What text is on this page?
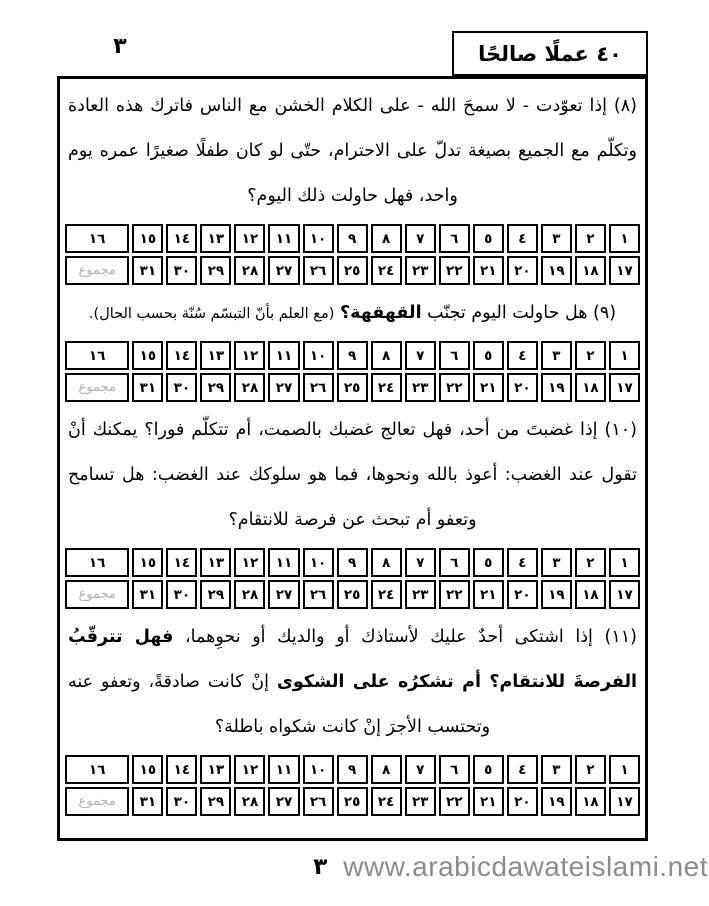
٣	٤٠ عملًا صالحًا
(٨) إذا تعوّدت - لا سمحَ الله - على الكلام الخشن مع الناس فاترك هذه العادة وتكلّم مع الجميع بصيغة تدلّ على الاحترام، حتّى لو كان طفلًا صغيرًا عمره يوم واحد، فهل حاولت ذلك اليوم؟
١	٢	٣	٤	٥	٦	٧	٨	٩	١٠	١١	١٢	١٣	١٤	١٥	١٦
١٧	١٨	١٩	٢٠	٢١	٢٢	٢٣	٢٤	٢٥	٢٦	٢٧	٢٨	٢٩	٣٠	٣١	مجموع
(٩) هل حاولت اليوم تجنّب القهقهة؟ (مع العلم بأنّ التبسّم سُنّة بحسب الحال).
١	٢	٣	٤	٥	٦	٧	٨	٩	١٠	١١	١٢	١٣	١٤	١٥	١٦
١٧	١٨	١٩	٢٠	٢١	٢٢	٢٣	٢٤	٢٥	٢٦	٢٧	٢٨	٢٩	٣٠	٣١	مجموع
(١٠) إذا غضبتَ من أحد، فهل تعالج غضبك بالصمت، أم تتكلّم فورا؟ يمكنك أنْ تقول عند الغضب: أعوذ بالله ونحوها، فما هو سلوكك عند الغضب: هل تسامح وتعفو أم تبحث عن فرصة للانتقام؟
١	٢	٣	٤	٥	٦	٧	٨	٩	١٠	١١	١٢	١٣	١٤	١٥	١٦
١٧	١٨	١٩	٢٠	٢١	٢٢	٢٣	٢٤	٢٥	٢٦	٢٧	٢٨	٢٩	٣٠	٣١	مجموع
(١١) إذا اشتكى أحدٌ عليك لأستاذك أو والديك أو نحوِهما، فهل تترقّبُ الفرصةَ للانتقام؟ أم تشكرُه على الشكوى إنْ كانت صادقةً، وتعفو عنه وتحتسب الأجرَ إنْ كانت شكواه باطلة؟
١	٢	٣	٤	٥	٦	٧	٨	٩	١٠	١١	١٢	١٣	١٤	١٥	١٦
١٧	١٨	١٩	٢٠	٢١	٢٢	٢٣	٢٤	٢٥	٢٦	٢٧	٢٨	٢٩	٣٠	٣١	مجموع
٣ www.arabicdawateislami.net
